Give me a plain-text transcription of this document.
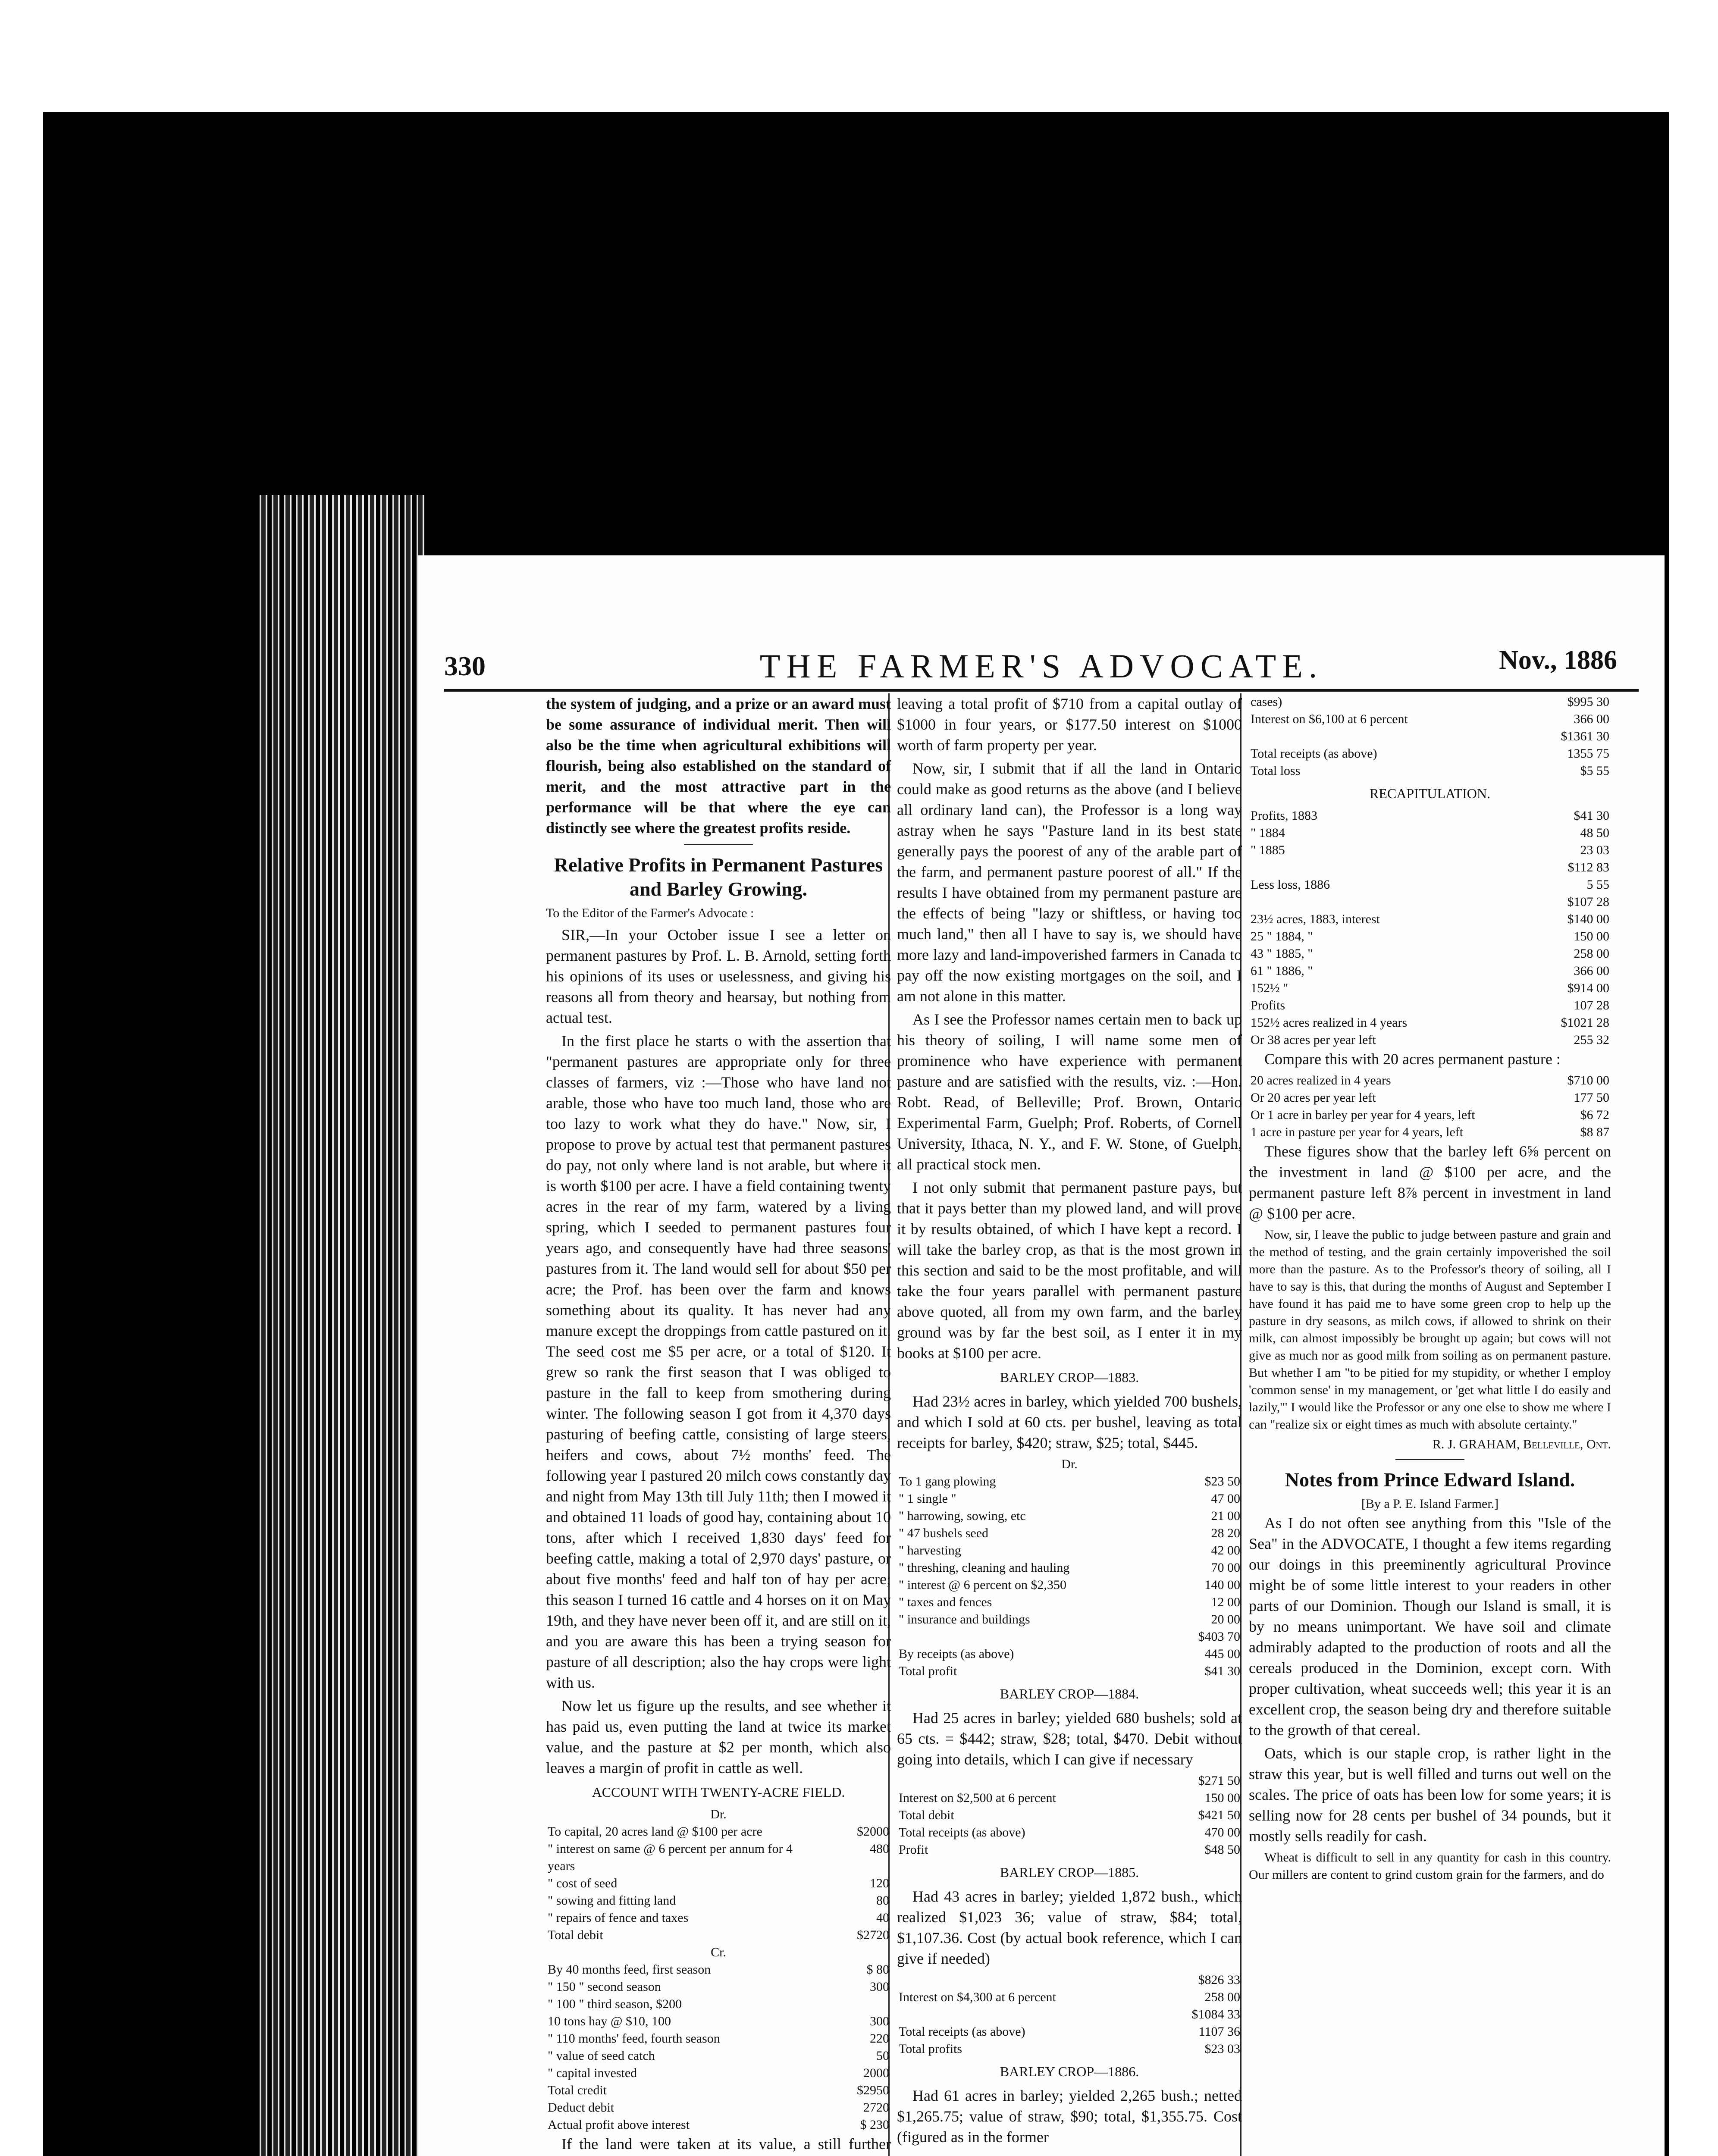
330	THE FARMER'S ADVOCATE.	Nov., 1886

the system of judging, and a prize or an award must be some assurance of individual merit. Then will also be the time when agricultural exhibitions will flourish, being also established on the standard of merit, and the most attractive part in the performance will be that where the eye can distinctly see where the greatest profits reside.

Relative Profits in Permanent Pastures and Barley Growing.

To the Editor of the Farmer's Advocate :

SIR,—In your October issue I see a letter on permanent pastures by Prof. L. B. Arnold, setting forth his opinions of its uses or uselessness, and giving his reasons all from theory and hearsay, but nothing from actual test.

In the first place he starts o with the assertion that "permanent pastures are appropriate only for three classes of farmers, viz :—Those who have land not arable, those who have too much land, those who are too lazy to work what they do have." Now, sir, I propose to prove by actual test that permanent pastures do pay, not only where land is not arable, but where it is worth $100 per acre. I have a field containing twenty acres in the rear of my farm, watered by a living spring, which I seeded to permanent pastures four years ago, and consequently have had three seasons' pastures from it. The land would sell for about $50 per acre; the Prof. has been over the farm and knows something about its quality. It has never had any manure except the droppings from cattle pastured on it. The seed cost me $5 per acre, or a total of $120. It grew so rank the first season that I was obliged to pasture in the fall to keep from smothering during winter. The following season I got from it 4,370 days pasturing of beefing cattle, consisting of large steers, heifers and cows, about 7½ months' feed. The following year I pastured 20 milch cows constantly day and night from May 13th till July 11th; then I mowed it and obtained 11 loads of good hay, containing about 10 tons, after which I received 1,830 days' feed for beefing cattle, making a total of 2,970 days' pasture, or about five months' feed and half ton of hay per acre; this season I turned 16 cattle and 4 horses on it on May 19th, and they have never been off it, and are still on it, and you are aware this has been a trying season for pasture of all description; also the hay crops were light with us.

Now let us figure up the results, and see whether it has paid us, even putting the land at twice its market value, and the pasture at $2 per month, which also leaves a margin of profit in cattle as well.

ACCOUNT WITH TWENTY-ACRE FIELD.
Dr.
To capital, 20 acres land @ $100 per acre	$2000
" interest on same @ 6 percent per annum for 4 years	480
" cost of seed	120
" sowing and fitting land	80
" repairs of fence and taxes	40
Total debit	$2720
Cr.
By 40 months feed, first season	$ 80
" 150 " second season	300
" 100 " third season, $200	
10 tons hay @ $10, 100	300
" 110 months' feed, fourth season	220
" value of seed catch	50
" capital invested	2000
Total credit	$2950
Deduct debit	2720
Actual profit above interest	$ 230

If the land were taken at its value, a still further

leaving a total profit of $710 from a capital outlay of $1000 in four years, or $177.50 interest on $1000 worth of farm property per year.

Now, sir, I submit that if all the land in Ontario could make as good returns as the above (and I believe all ordinary land can), the Professor is a long way astray when he says "Pasture land in its best state generally pays the poorest of any of the arable part of the farm, and permanent pasture poorest of all." If the results I have obtained from my permanent pasture are the effects of being "lazy or shiftless, or having too much land," then all I have to say is, we should have more lazy and land-impoverished farmers in Canada to pay off the now existing mortgages on the soil, and I am not alone in this matter.

As I see the Professor names certain men to back up his theory of soiling, I will name some men of prominence who have experience with permanent pasture and are satisfied with the results, viz. :—Hon. Robt. Read, of Belleville; Prof. Brown, Ontario Experimental Farm, Guelph; Prof. Roberts, of Cornell University, Ithaca, N. Y., and F. W. Stone, of Guelph, all practical stock men.

I not only submit that permanent pasture pays, but that it pays better than my plowed land, and will prove it by results obtained, of which I have kept a record. I will take the barley crop, as that is the most grown in this section and said to be the most profitable, and will take the four years parallel with permanent pasture above quoted, all from my own farm, and the barley ground was by far the best soil, as I enter it in my books at $100 per acre.

BARLEY CROP—1883.

Had 23½ acres in barley, which yielded 700 bushels, and which I sold at 60 cts. per bushel, leaving as total receipts for barley, $420; straw, $25; total, $445.

Dr.
To 1 gang plowing	$23 50
" 1 single "	47 00
" harrowing, sowing, etc	21 00
" 47 bushels seed	28 20
" harvesting	42 00
" threshing, cleaning and hauling	70 00
" interest @ 6 percent on $2,350	140 00
" taxes and fences	12 00
" insurance and buildings	20 00
	$403 70
By receipts (as above)	445 00
Total profit	$41 30
BARLEY CROP—1884.

Had 25 acres in barley; yielded 680 bushels; sold at 65 cts. = $442; straw, $28; total, $470. Debit without going into details, which I can give if necessary

	$271 50
Interest on $2,500 at 6 percent	150 00
Total debit	$421 50
Total receipts (as above)	470 00
Profit	$48 50
BARLEY CROP—1885.

Had 43 acres in barley; yielded 1,872 bush., which realized $1,023 36; value of straw, $84; total, $1,107.36. Cost (by actual book reference, which I can give if needed)

	$826 33
Interest on $4,300 at 6 percent	258 00
	$1084 33
Total receipts (as above)	1107 36
Total profits	$23 03
BARLEY CROP—1886.

Had 61 acres in barley; yielded 2,265 bush.; netted $1,265.75; value of straw, $90; total, $1,355.75. Cost (figured as in the former

cases)	$995 30
Interest on $6,100 at 6 percent	366 00
	$1361 30
Total receipts (as above)	1355 75
Total loss	$5 55
RECAPITULATION.
Profits, 1883	$41 30
" 1884	48 50
" 1885	23 03
	$112 83
Less loss, 1886	5 55
	$107 28
23½ acres, 1883, interest	$140 00
25 " 1884, "	150 00
43 " 1885, "	258 00
61 " 1886, "	366 00
152½ "	$914 00
Profits	107 28
152½ acres realized in 4 years	$1021 28
Or 38 acres per year left	255 32

Compare this with 20 acres permanent pasture :

20 acres realized in 4 years	$710 00
Or 20 acres per year left	177 50
Or 1 acre in barley per year for 4 years, left	$6 72
1 acre in pasture per year for 4 years, left	$8 87

These figures show that the barley left 6⅝ percent on the investment in land @ $100 per acre, and the permanent pasture left 8⅞ percent in investment in land @ $100 per acre.

Now, sir, I leave the public to judge between pasture and grain and the method of testing, and the grain certainly impoverished the soil more than the pasture. As to the Professor's theory of soiling, all I have to say is this, that during the months of August and September I have found it has paid me to have some green crop to help up the pasture in dry seasons, as milch cows, if allowed to shrink on their milk, can almost impossibly be brought up again; but cows will not give as much nor as good milk from soiling as on permanent pasture. But whether I am "to be pitied for my stupidity, or whether I employ 'common sense' in my management, or 'get what little I do easily and lazily,'" I would like the Professor or any one else to show me where I can "realize six or eight times as much with absolute certainty."

R. J. GRAHAM, Belleville, Ont.
Notes from Prince Edward Island.
[By a P. E. Island Farmer.]

As I do not often see anything from this "Isle of the Sea" in the ADVOCATE, I thought a few items regarding our doings in this preeminently agricultural Province might be of some little interest to your readers in other parts of our Dominion. Though our Island is small, it is by no means unimportant. We have soil and climate admirably adapted to the production of roots and all the cereals produced in the Dominion, except corn. With proper cultivation, wheat succeeds well; this year it is an excellent crop, the season being dry and therefore suitable to the growth of that cereal.

Oats, which is our staple crop, is rather light in the straw this year, but is well filled and turns out well on the scales. The price of oats has been low for some years; it is selling now for 28 cents per bushel of 34 pounds, but it mostly sells readily for cash.

Wheat is difficult to sell in any quantity for cash in this country. Our millers are content to grind custom grain for the farmers, and do
